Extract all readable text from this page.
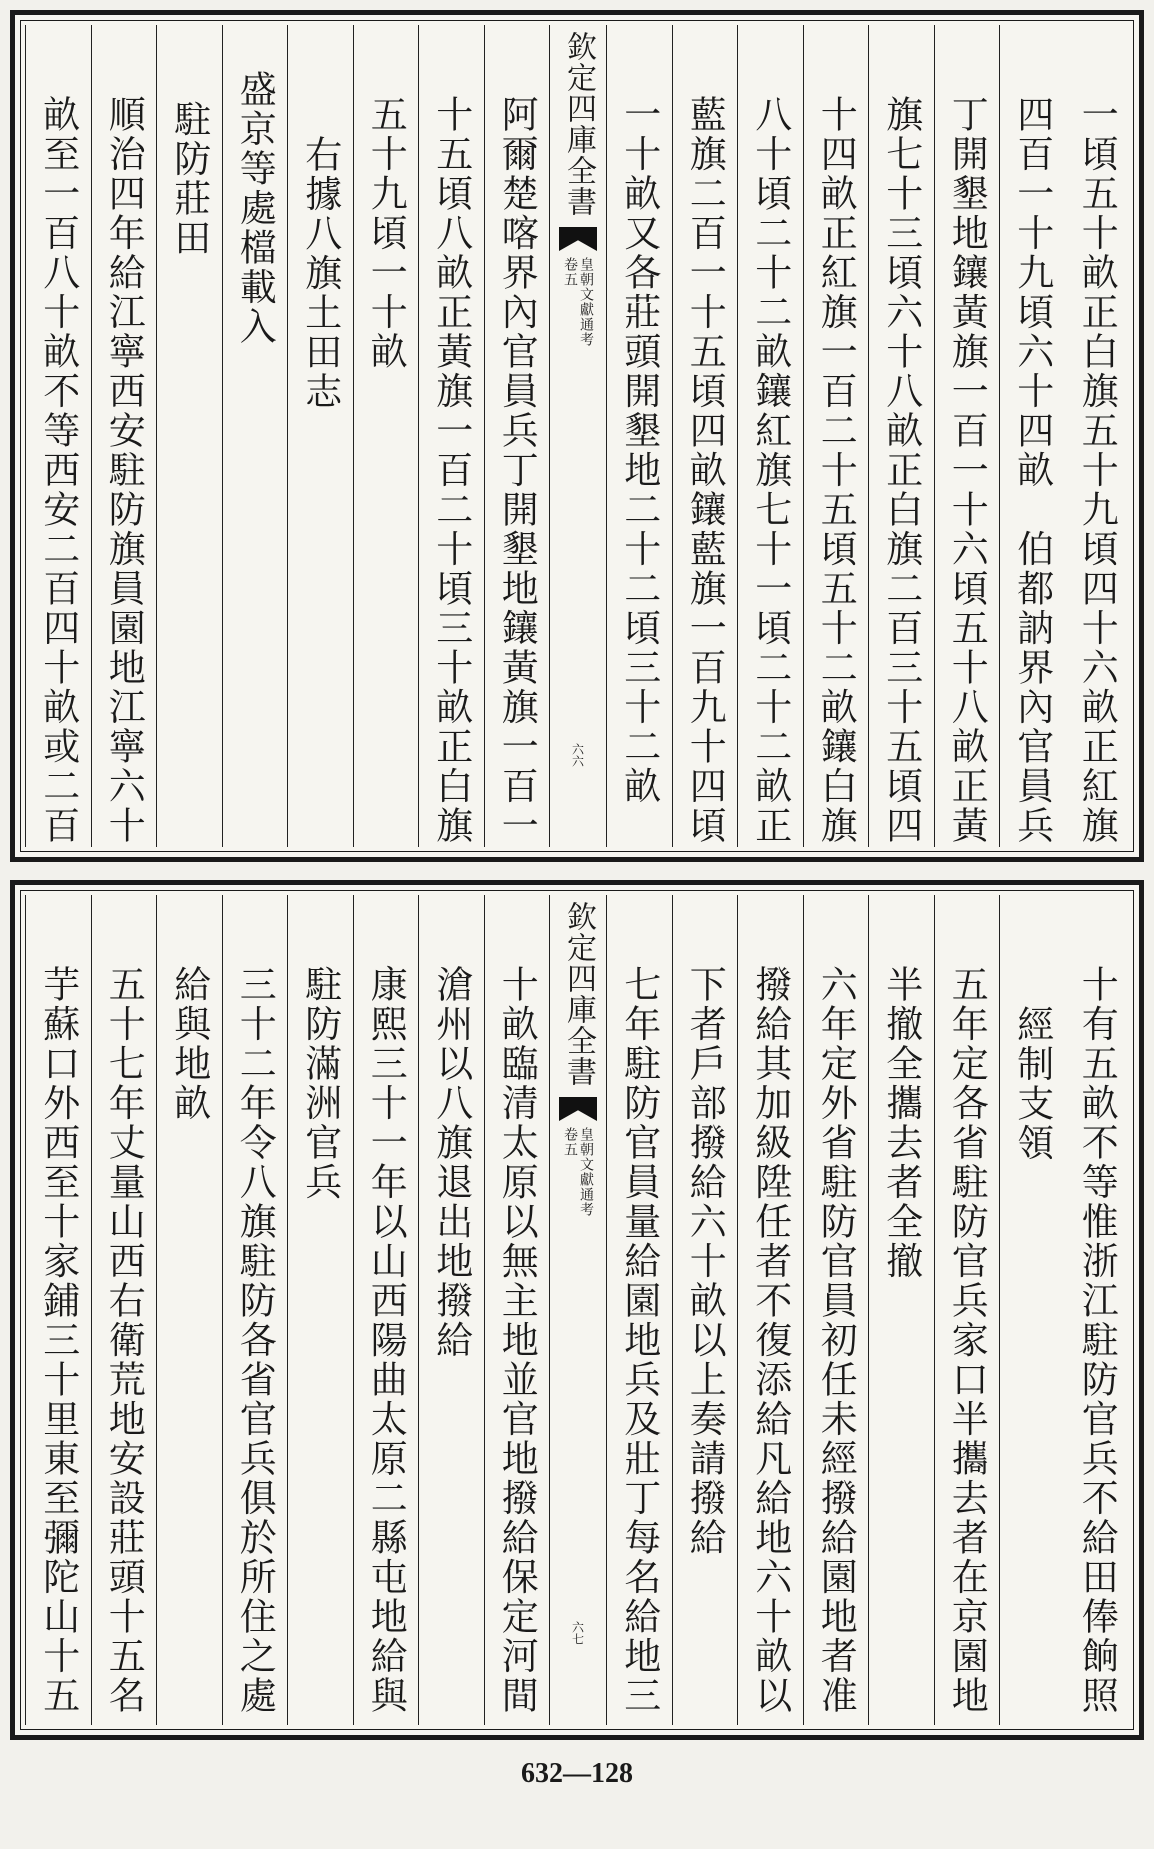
一頃五十畝正白旗五十九頃四十六畝正紅旗
四百一十九頃六十四畝　伯都訥界內官員兵
丁開墾地鑲黃旗一百一十六頃五十八畝正黃
旗七十三頃六十八畝正白旗二百三十五頃四
十四畝正紅旗一百二十五頃五十二畝鑲白旗
八十頃二十二畝鑲紅旗七十一頃二十二畝正
藍旗二百一十五頃四畝鑲藍旗一百九十四頃
一十畝又各莊頭開墾地二十二頃三十二畝
欽定四庫全書
皇朝文獻通考
卷五
六六
阿爾楚喀界內官員兵丁開墾地鑲黃旗一百一
十五頃八畝正黃旗一百二十頃三十畝正白旗
五十九頃一十畝
右據八旗土田志
盛京等處檔載入
駐防莊田
順治四年給江寧西安駐防旗員園地江寧六十
畝至一百八十畝不等西安二百四十畝或二百
十有五畝不等惟浙江駐防官兵不給田俸餉照
經制支領
五年定各省駐防官兵家口半攜去者在京園地
半撤全攜去者全撤
六年定外省駐防官員初任未經撥給園地者准
撥給其加級陞任者不復添給凡給地六十畝以
下者戶部撥給六十畝以上奏請撥給
七年駐防官員量給園地兵及壯丁每名給地三
欽定四庫全書
皇朝文獻通考
卷五
六七
十畝臨清太原以無主地並官地撥給保定河間
滄州以八旗退出地撥給
康熙三十一年以山西陽曲太原二縣屯地給與
駐防滿洲官兵
三十二年令八旗駐防各省官兵俱於所住之處
給與地畝
五十七年丈量山西右衛荒地安設莊頭十五名
芋蘇口外西至十家鋪三十里東至彌陀山十五
632—128
